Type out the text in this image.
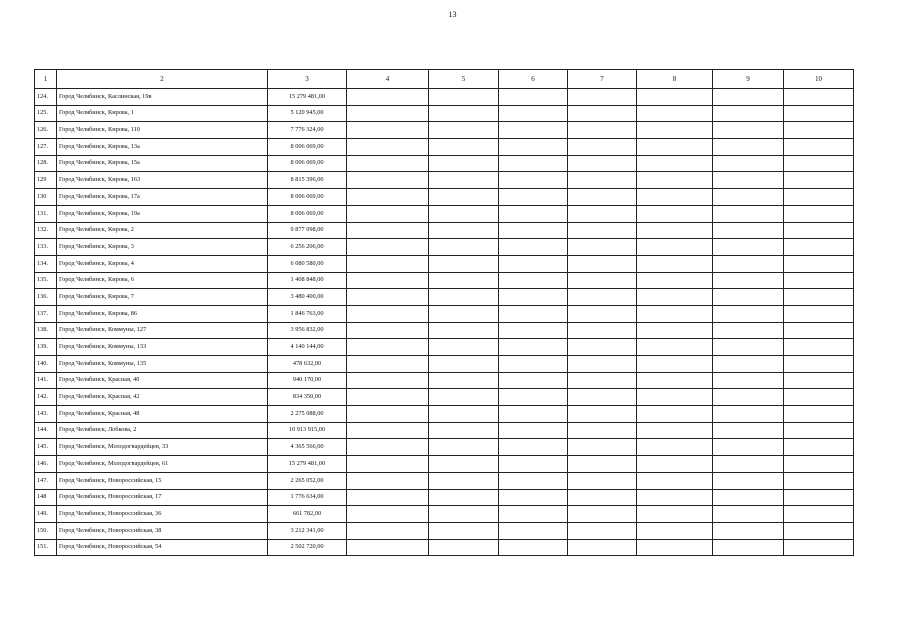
13
1	2	3	4	5	6	7	8	9	10
124.	Город Челябинск, Каслинская, 19в	15 279 481,00							
125.	Город Челябинск, Кирова, 1	5 120 945,00							
126.	Город Челябинск, Кирова, 110	7 776 324,00							
127.	Город Челябинск, Кирова, 13а	8 006 069,00							
128.	Город Челябинск, Кирова, 15а	8 006 069,00							
129	Город Челябинск, Кирова, 163	8 815 396,00							
130	Город Челябинск, Кирова, 17а	8 006 069,00							
131.	Город Челябинск, Кирова, 19а	8 006 069,00							
132.	Город Челябинск, Кирова, 2	9 877 098,00							
133.	Город Челябинск, Кирова, 3	6 256 206,00							
134.	Город Челябинск, Кирова, 4	6 080 580,00							
135.	Город Челябинск, Кирова, 6	1 408 848,00							
136.	Город Челябинск, Кирова, 7	3 480 400,00							
137.	Город Челябинск, Кирова, 86	1 846 763,00							
138.	Город Челябинск, Коммуны, 127	3 956 832,00							
139.	Город Челябинск, Коммуны, 133	4 140 144,00							
140.	Город Челябинск, Коммуны, 135	478 632,00							
141.	Город Челябинск, Красная, 40	940 170,00							
142.	Город Челябинск, Красная, 42	834 350,00							
143.	Город Челябинск, Красная, 48	2 275 088,00							
144.	Город Челябинск, Лобкова, 2	10 913 915,00							
145.	Город Челябинск, Молодогвардейцев, 33	4 365 566,00							
146.	Город Челябинск, Молодогвардейцев, 61	15 279 481,00							
147.	Город Челябинск, Новороссийская, 15	2 265 052,00							
148	Город Челябинск, Новороссийская, 17	1 776 634,00							
149.	Город Челябинск, Новороссийская, 36	661 782,00							
150.	Город Челябинск, Новороссийская, 38	3 212 341,00							
151.	Город Челябинск, Новороссийская, 54	2 502 720,00							
